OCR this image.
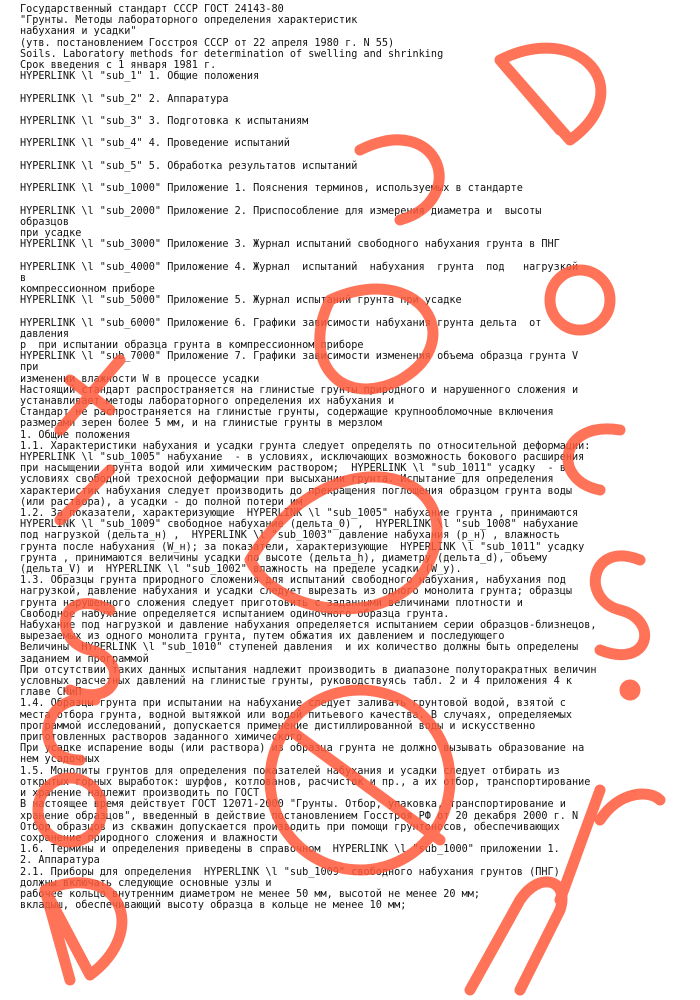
Государственный стандарт СССР ГОСТ 24143-80
"Грунты. Методы лабораторного определения характеристик
набухания и усадки"
(утв. постановлением Госстроя СССР от 22 апреля 1980 г. N 55)
Soils. Laboratory methods for determination of swelling and shrinking
Срок введения с 1 января 1981 г.
HYPERLINK \l "sub_1" 1. Общие положения
HYPERLINK \l "sub_2" 2. Аппаратура
HYPERLINK \l "sub_3" 3. Подготовка к испытаниям
HYPERLINK \l "sub_4" 4. Проведение испытаний
HYPERLINK \l "sub_5" 5. Обработка результатов испытаний
HYPERLINK \l "sub_1000" Приложение 1. Пояснения терминов, используемых в стандарте
HYPERLINK \l "sub_2000" Приложение 2. Приспособление для измерения диаметра и  высоты
образцов
при усадке
HYPERLINK \l "sub_3000" Приложение 3. Журнал испытаний свободного набухания грунта в ПНГ
HYPERLINK \l "sub_4000" Приложение 4. Журнал  испытаний  набухания  грунта  под   нагрузкой
в
компрессионном приборе
HYPERLINK \l "sub_5000" Приложение 5. Журнал испытаний грунта при усадке
HYPERLINK \l "sub_6000" Приложение 6. Графики зависимости набухания грунта дельта  от
давления
р  при испытании образца грунта в компрессионном приборе
HYPERLINK \l "sub_7000" Приложение 7. Графики зависимости изменения объема образца грунта V
при
изменении влажности W в процессе усадки
Настоящий стандарт распространяется на глинистые грунты природного и нарушенного сложения и
устанавливает методы лабораторного определения их набухания и
Стандарт не распространяется на глинистые грунты, содержащие крупнообломочные включения
размерами зерен более 5 мм, и на глинистые грунты в мерзлом
1. Общие положения
1.1. Характеристики набухания и усадки грунта следует определять по относительной деформации:
HYPERLINK \l "sub_1005" набухание  - в условиях, исключающих возможность бокового расширения
при насыщении грунта водой или химическим раствором;  HYPERLINK \l "sub_1011" усадку  - в
условиях свободной трехосной деформации при высыхании грунта. Испытание для определения
характеристик набухания следует производить до прекращения поглощения образцом грунта воды
(или раствора), а усадки - до полной потери им
1.2. За показатели, характеризующие  HYPERLINK \l "sub_1005" набухание грунта , принимаются
HYPERLINK \l "sub_1009" свободное набухание (дельта_0) ,  HYPERLINK \l "sub_1008" набухание
под нагрузкой (дельта_н) ,  HYPERLINK \l "sub_1003" давление набухания (р_н) , влажность
грунта после набухания (W_н); за показатели, характеризующие  HYPERLINK \l "sub_1011" усадку
грунта , принимаются величины усадки по высоте (дельта_h), диаметру (дельта_d), объему
(дельта_V) и  HYPERLINK \l "sub_1002" влажность на пределе усадки (W_у).
1.3. Образцы грунта природного сложения для испытаний свободного набухания, набухания под
нагрузкой, давление набухания и усадки следует вырезать из одного монолита грунта; образцы
грунта нарушенного сложения следует приготовить с заданными величинами плотности и
Свободное набухание определяется испытанием одиночного образца грунта.
Набухание под нагрузкой и давление набухания определяется испытанием серии образцов-близнецов,
вырезаемых из одного монолита грунта, путем обжатия их давлением и последующего
Величины  HYPERLINK \l "sub_1010" ступеней давления  и их количество должны быть определены
заданием и программой
При отсутствии таких данных испытания надлежит производить в диапазоне полуторакратных величин
условных расчетных давлений на глинистые грунты, руководствуясь табл. 2 и 4 приложения 4 к
главе СНиП
1.4. Образцы грунта при испытании на набухание следует заливать грунтовой водой, взятой с
места отбора грунта, водной вытяжкой или водой питьевого качества. В случаях, определяемых
программой исследований, допускается применение дистиллированной воды и искусственно
приготовленных растворов заданного химического
При усадке испарение воды (или раствора) из образца грунта не должно вызывать образование на
нем усадочных
1.5. Монолиты грунтов для определения показателей набухания и усадки следует отбирать из
открытых горных выработок: шурфов, котлованов, расчисток и пр., а их отбор, транспортирование
и хранение надлежит производить по ГОСТ
В настоящее время действует ГОСТ 12071-2000 "Грунты. Отбор, упаковка, транспортирование и
хранение образцов", введенный в действие постановлением Госстроя РФ от 20 декабря 2000 г. N
Отбор образцов из скважин допускается производить при помощи грунтоносов, обеспечивающих
сохранение природного сложения и влажности
1.6. Термины и определения приведены в справочном  HYPERLINK \l "sub_1000" приложении 1.
2. Аппаратура
2.1. Приборы для определения  HYPERLINK \l "sub_1009" свободного набухания грунтов (ПНГ)
должны включать следующие основные узлы и
рабочее кольцо внутренним диаметром не менее 50 мм, высотой не менее 20 мм;
вкладыш, обеспечивающий высоту образца в кольце не менее 10 мм;
